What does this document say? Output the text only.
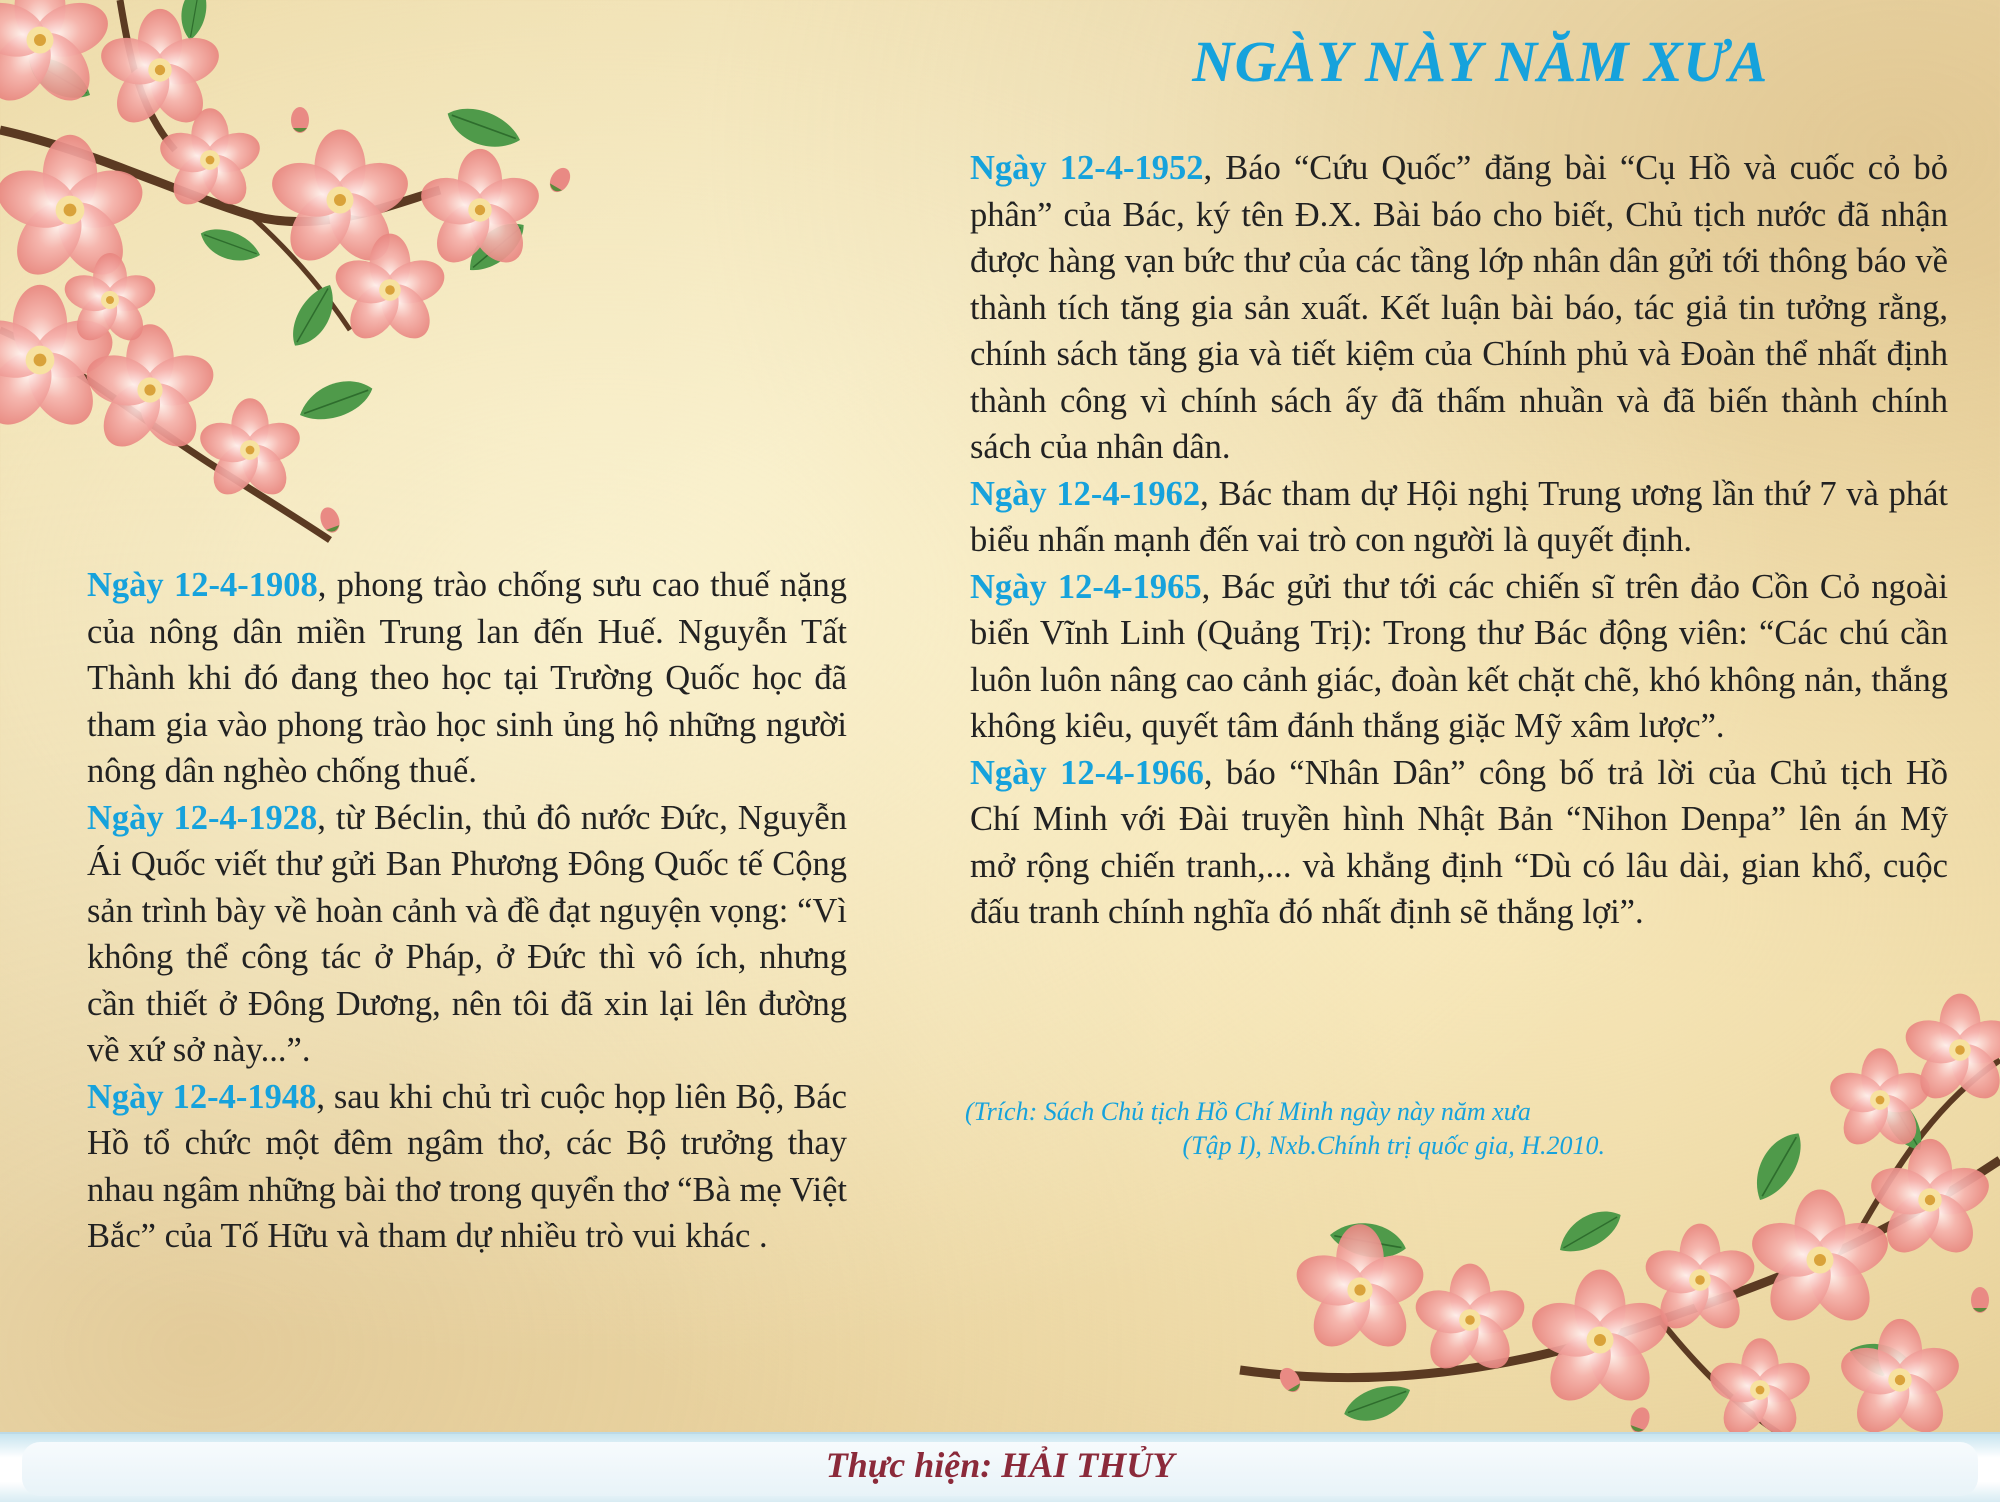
NGÀY NÀY NĂM XƯA

Ngày 12-4-1908, phong trào chống sưu cao thuế nặng của nông dân miền Trung lan đến Huế. Nguyễn Tất Thành khi đó đang theo học tại Trường Quốc học đã tham gia vào phong trào học sinh ủng hộ những người nông dân nghèo chống thuế.

Ngày 12-4-1928, từ Béclin, thủ đô nước Đức, Nguyễn Ái Quốc viết thư gửi Ban Phương Đông Quốc tế Cộng sản trình bày về hoàn cảnh và đề đạt nguyện vọng: “Vì không thể công tác ở Pháp, ở Đức thì vô ích, nhưng cần thiết ở Đông Dương, nên tôi đã xin lại lên đường về xứ sở này...”.

Ngày 12-4-1948, sau khi chủ trì cuộc họp liên Bộ, Bác Hồ tổ chức một đêm ngâm thơ, các Bộ trưởng thay nhau ngâm những bài thơ trong quyển thơ “Bà mẹ Việt Bắc” của Tố Hữu và tham dự nhiều trò vui khác .

Ngày 12-4-1952, Báo “Cứu Quốc” đăng bài “Cụ Hồ và cuốc cỏ bỏ phân” của Bác, ký tên Đ.X. Bài báo cho biết, Chủ tịch nước đã nhận được hàng vạn bức thư của các tầng lớp nhân dân gửi tới thông báo về thành tích tăng gia sản xuất. Kết luận bài báo, tác giả tin tưởng rằng, chính sách tăng gia và tiết kiệm của Chính phủ và Đoàn thể nhất định thành công vì chính sách ấy đã thấm nhuần và đã biến thành chính sách của nhân dân.

Ngày 12-4-1962, Bác tham dự Hội nghị Trung ương lần thứ 7 và phát biểu nhấn mạnh đến vai trò con người là quyết định.

Ngày 12-4-1965, Bác gửi thư tới các chiến sĩ trên đảo Cồn Cỏ ngoài biển Vĩnh Linh (Quảng Trị): Trong thư Bác động viên: “Các chú cần luôn luôn nâng cao cảnh giác, đoàn kết chặt chẽ, khó không nản, thắng không kiêu, quyết tâm đánh thắng giặc Mỹ xâm lược”.

Ngày 12-4-1966, báo “Nhân Dân” công bố trả lời của Chủ tịch Hồ Chí Minh với Đài truyền hình Nhật Bản “Nihon Denpa” lên án Mỹ mở rộng chiến tranh,... và khẳng định “Dù có lâu dài, gian khổ, cuộc đấu tranh chính nghĩa đó nhất định sẽ thắng lợi”.

(Trích: Sách Chủ tịch Hồ Chí Minh ngày này năm xưa
(Tập I), Nxb.Chính trị quốc gia, H.2010.
Thực hiện: HẢI THỦY
